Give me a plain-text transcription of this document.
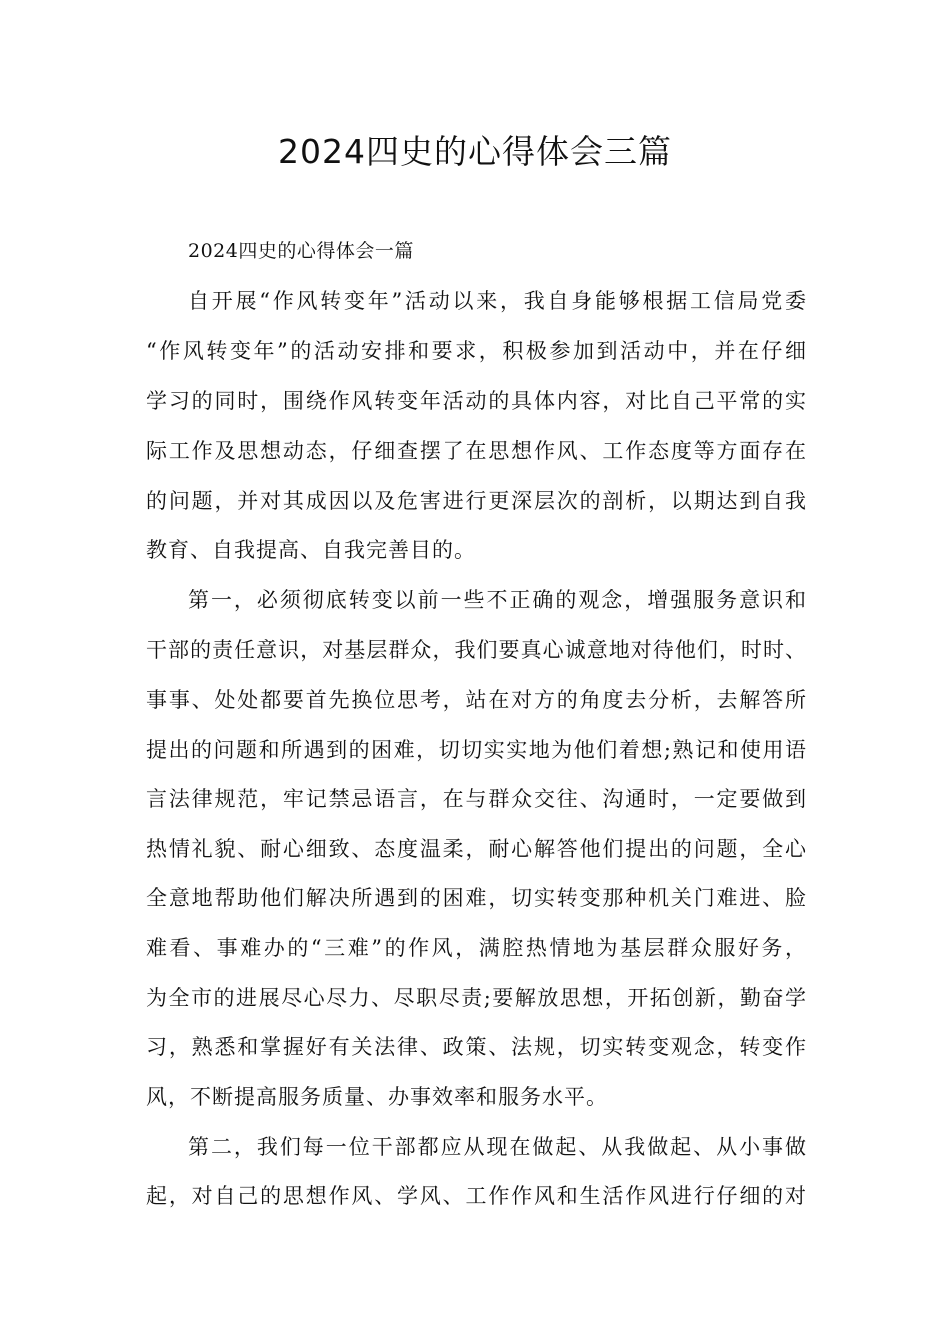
2024四史的心得体会三篇
2024四史的心得体会一篇
自开展“作风转变年”活动以来，我自身能够根据工信局党委
“作风转变年”的活动安排和要求，积极参加到活动中，并在仔细
学习的同时，围绕作风转变年活动的具体内容，对比自己平常的实
际工作及思想动态，仔细查摆了在思想作风、工作态度等方面存在
的问题，并对其成因以及危害进行更深层次的剖析，以期达到自我
教育、自我提高、自我完善目的。
第一，必须彻底转变以前一些不正确的观念，增强服务意识和
干部的责任意识，对基层群众，我们要真心诚意地对待他们，时时、
事事、处处都要首先换位思考，站在对方的角度去分析，去解答所
提出的问题和所遇到的困难，切切实实地为他们着想;熟记和使用语
言法律规范，牢记禁忌语言，在与群众交往、沟通时，一定要做到
热情礼貌、耐心细致、态度温柔，耐心解答他们提出的问题，全心
全意地帮助他们解决所遇到的困难，切实转变那种机关门难进、脸
难看、事难办的“三难”的作风，满腔热情地为基层群众服好务，
为全市的进展尽心尽力、尽职尽责;要解放思想，开拓创新，勤奋学
习，熟悉和掌握好有关法律、政策、法规，切实转变观念，转变作
风，不断提高服务质量、办事效率和服务水平。
第二，我们每一位干部都应从现在做起、从我做起、从小事做
起，对自己的思想作风、学风、工作作风和生活作风进行仔细的对
